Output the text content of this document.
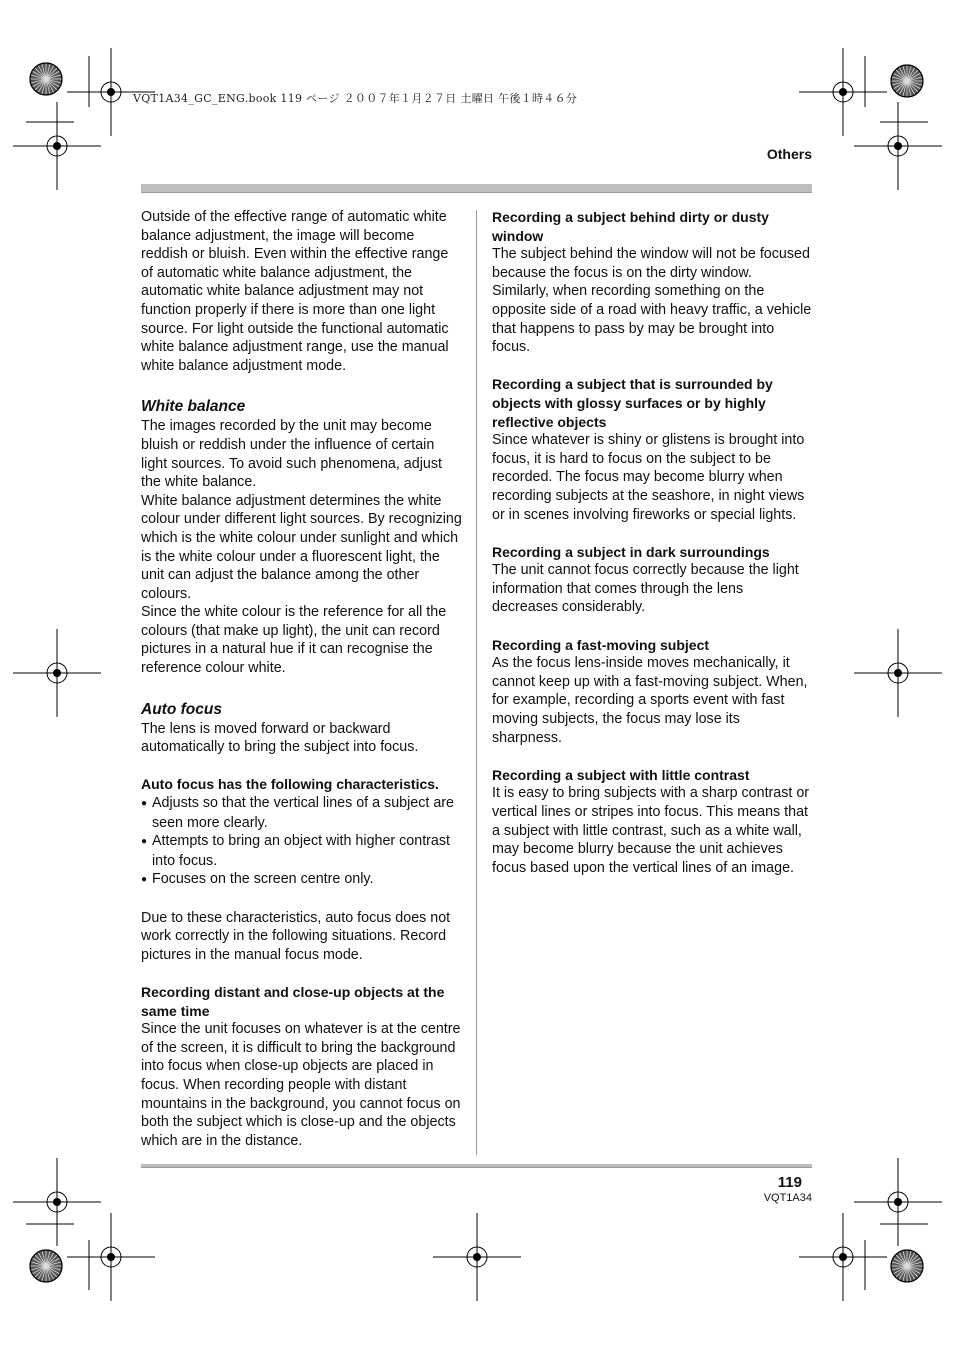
VQT1A34_GC_ENG.book 119 ページ ２００７年１月２７日 土曜日 午後１時４６分
Others

Outside of the effective range of automatic white balance adjustment, the image will become reddish or bluish. Even within the effective range of automatic white balance adjustment, the automatic white balance adjustment may not function properly if there is more than one light source. For light outside the functional automatic white balance adjustment range, use the manual white balance adjustment mode.

White balance

The images recorded by the unit may become bluish or reddish under the influence of certain light sources. To avoid such phenomena, adjust the white balance.

White balance adjustment determines the white colour under different light sources. By recognizing which is the white colour under sunlight and which is the white colour under a fluorescent light, the unit can adjust the balance among the other colours.

Since the white colour is the reference for all the colours (that make up light), the unit can record pictures in a natural hue if it can recognise the reference colour white.

Auto focus

The lens is moved forward or backward automatically to bring the subject into focus.

Auto focus has the following characteristics.

● Adjusts so that the vertical lines of a subject are seen more clearly.
● Attempts to bring an object with higher contrast into focus.
● Focuses on the screen centre only.

Due to these characteristics, auto focus does not work correctly in the following situations. Record pictures in the manual focus mode.

Recording distant and close-up objects at the same time

Since the unit focuses on whatever is at the centre of the screen, it is difficult to bring the background into focus when close-up objects are placed in focus. When recording people with distant mountains in the background, you cannot focus on both the subject which is close-up and the objects which are in the distance.

Recording a subject behind dirty or dusty window

The subject behind the window will not be focused because the focus is on the dirty window.

Similarly, when recording something on the opposite side of a road with heavy traffic, a vehicle that happens to pass by may be brought into focus.

Recording a subject that is surrounded by objects with glossy surfaces or by highly reflective objects

Since whatever is shiny or glistens is brought into focus, it is hard to focus on the subject to be recorded. The focus may become blurry when recording subjects at the seashore, in night views or in scenes involving fireworks or special lights.

Recording a subject in dark surroundings

The unit cannot focus correctly because the light information that comes through the lens decreases considerably.

Recording a fast-moving subject

As the focus lens-inside moves mechanically, it cannot keep up with a fast-moving subject. When, for example, recording a sports event with fast moving subjects, the focus may lose its sharpness.

Recording a subject with little contrast

It is easy to bring subjects with a sharp contrast or vertical lines or stripes into focus. This means that a subject with little contrast, such as a white wall, may become blurry because the unit achieves focus based upon the vertical lines of an image.

119
VQT1A34
